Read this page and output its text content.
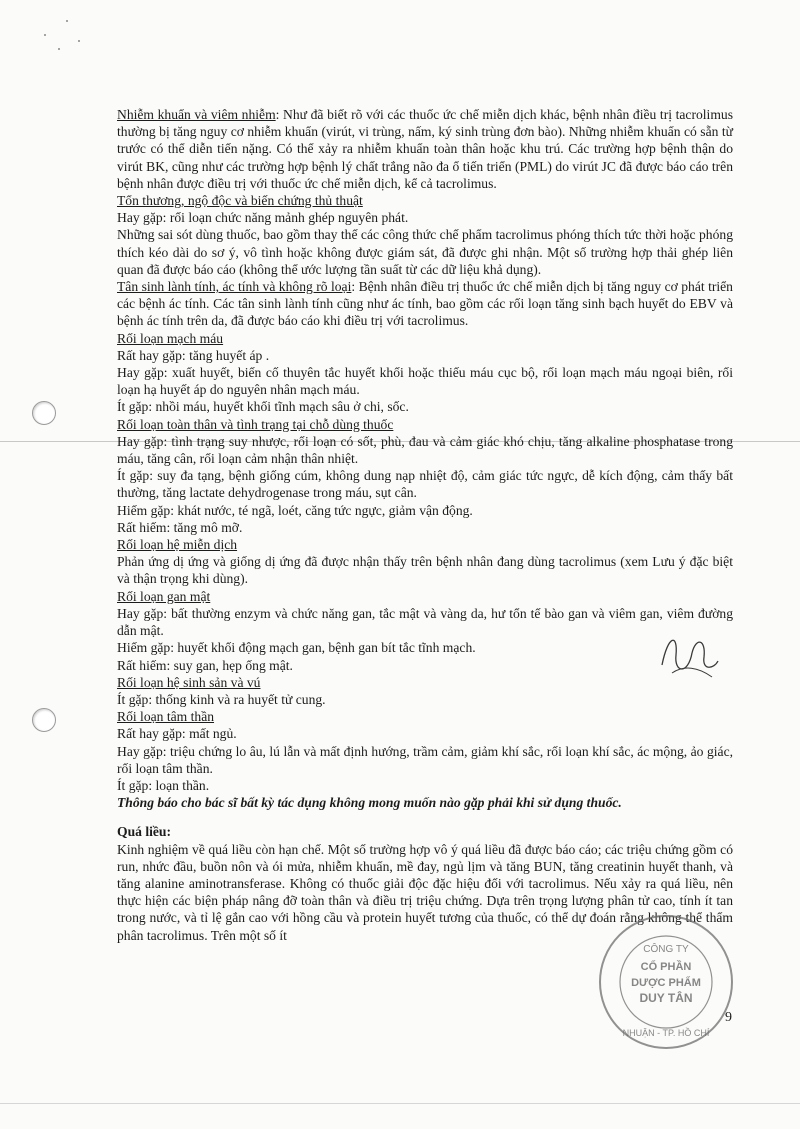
Nhiễm khuẩn và viêm nhiễm: Như đã biết rõ với các thuốc ức chế miễn dịch khác, bệnh nhân điều trị tacrolimus thường bị tăng nguy cơ nhiễm khuẩn (virút, vi trùng, nấm, ký sinh trùng đơn bào). Những nhiễm khuẩn có sẵn từ trước có thể diễn tiến nặng. Có thể xảy ra nhiễm khuẩn toàn thân hoặc khu trú. Các trường hợp bệnh thận do virút BK, cũng như các trường hợp bệnh lý chất trắng não đa ổ tiến triển (PML) do virút JC đã được báo cáo trên bệnh nhân được điều trị với thuốc ức chế miễn dịch, kể cả tacrolimus.

Tổn thương, ngộ độc và biến chứng thủ thuật

Hay gặp: rối loạn chức năng mảnh ghép nguyên phát.

Những sai sót dùng thuốc, bao gồm thay thế các công thức chế phẩm tacrolimus phóng thích tức thời hoặc phóng thích kéo dài do sơ ý, vô tình hoặc không được giám sát, đã được ghi nhận. Một số trường hợp thải ghép liên quan đã được báo cáo (không thể ước lượng tần suất từ các dữ liệu khả dụng).

Tân sinh lành tính, ác tính và không rõ loại: Bệnh nhân điều trị thuốc ức chế miễn dịch bị tăng nguy cơ phát triển các bệnh ác tính. Các tân sinh lành tính cũng như ác tính, bao gồm các rối loạn tăng sinh bạch huyết do EBV và bệnh ác tính trên da, đã được báo cáo khi điều trị với tacrolimus.

Rối loạn mạch máu

Rất hay gặp: tăng huyết áp .

Hay gặp: xuất huyết, biến cố thuyên tắc huyết khối hoặc thiếu máu cục bộ, rối loạn mạch máu ngoại biên, rối loạn hạ huyết áp do nguyên nhân mạch máu.

Ít gặp: nhồi máu, huyết khối tĩnh mạch sâu ở chi, sốc.

Rối loạn toàn thân và tình trạng tại chỗ dùng thuốc

Hay gặp: tình trạng suy nhược, rối loạn có sốt, phù, đau và cảm giác khó chịu, tăng alkaline phosphatase trong máu, tăng cân, rối loạn cảm nhận thân nhiệt.

Ít gặp: suy đa tạng, bệnh giống cúm, không dung nạp nhiệt độ, cảm giác tức ngực, dễ kích động, cảm thấy bất thường, tăng lactate dehydrogenase trong máu, sụt cân.

Hiếm gặp: khát nước, té ngã, loét, căng tức ngực, giảm vận động.

Rất hiếm: tăng mô mỡ.

Rối loạn hệ miễn dịch

Phản ứng dị ứng và giống dị ứng đã được nhận thấy trên bệnh nhân đang dùng tacrolimus (xem Lưu ý đặc biệt và thận trọng khi dùng).

Rối loạn gan mật

Hay gặp: bất thường enzym và chức năng gan, tắc mật và vàng da, hư tổn tế bào gan và viêm gan, viêm đường dẫn mật.

Hiếm gặp: huyết khối động mạch gan, bệnh gan bít tắc tĩnh mạch.

Rất hiếm: suy gan, hẹp ống mật.

Rối loạn hệ sinh sản và vú

Ít gặp: thống kinh và ra huyết tử cung.

Rối loạn tâm thần

Rất hay gặp: mất ngủ.

Hay gặp: triệu chứng lo âu, lú lẫn và mất định hướng, trầm cảm, giảm khí sắc, rối loạn khí sắc, ác mộng, ảo giác, rối loạn tâm thần.

Ít gặp: loạn thần.

Thông báo cho bác sĩ bất kỳ tác dụng không mong muốn nào gặp phải khi sử dụng thuốc.

Quá liều:

Kinh nghiệm về quá liều còn hạn chế. Một số trường hợp vô ý quá liều đã được báo cáo; các triệu chứng gồm có run, nhức đầu, buồn nôn và ói mửa, nhiễm khuẩn, mề đay, ngủ lịm và tăng BUN, tăng creatinin huyết thanh, và tăng alanine aminotransferase. Không có thuốc giải độc đặc hiệu đối với tacrolimus. Nếu xảy ra quá liều, nên thực hiện các biện pháp nâng đỡ toàn thân và điều trị triệu chứng. Dựa trên trọng lượng phân tử cao, tính ít tan trong nước, và tỉ lệ gắn cao với hồng cầu và protein huyết tương của thuốc, có thể dự đoán rằng không thể thẩm phân tacrolimus. Trên một số ít

CÔNG TY
CỔ PHẦN
DƯỢC PHẨM
DUY TÂN
NHUẬN - TP. HỒ CHÍ
9
